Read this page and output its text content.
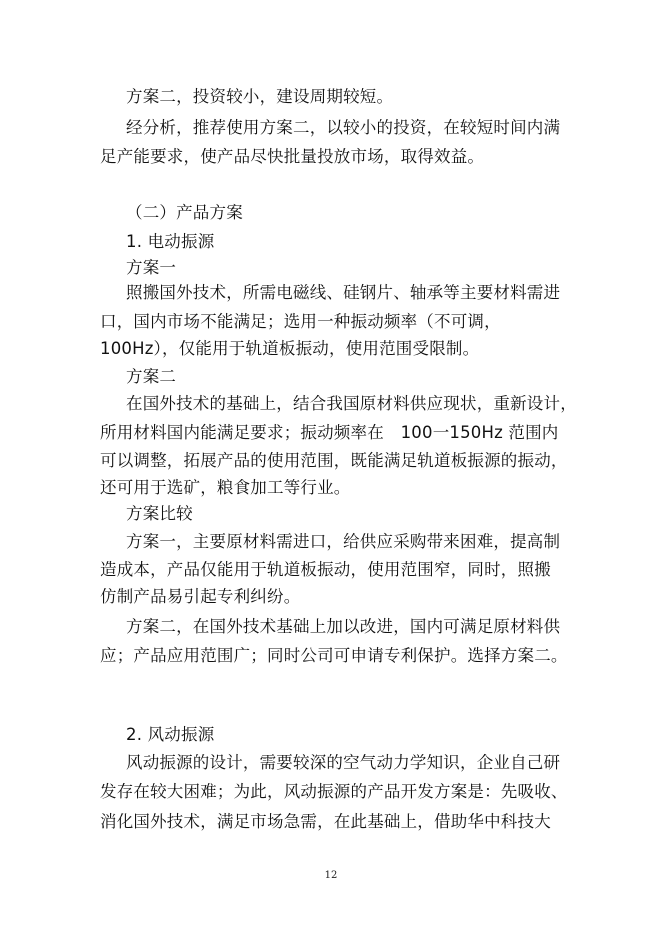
方案二，投资较小，建设周期较短。
经分析，推荐使用方案二，以较小的投资，在较短时间内满
足产能要求，使产品尽快批量投放市场，取得效益。
（二）产品方案
1. 电动振源
方案一
照搬国外技术，所需电磁线、硅钢片、轴承等主要材料需进
口，国内市场不能满足；选用一种振动频率（不可调，
100Hz），仅能用于轨道板振动，使用范围受限制。
方案二
在国外技术的基础上，结合我国原材料供应现状，重新设计，
所用材料国内能满足要求；振动频率在　100一150Hz 范围内
可以调整，拓展产品的使用范围，既能满足轨道板振源的振动，
还可用于选矿，粮食加工等行业。
方案比较
方案一，主要原材料需进口，给供应采购带来困难，提高制
造成本，产品仅能用于轨道板振动，使用范围窄，同时，照搬
仿制产品易引起专利纠纷。
方案二，在国外技术基础上加以改进，国内可满足原材料供
应；产品应用范围广；同时公司可申请专利保护。选择方案二。
2. 风动振源
风动振源的设计，需要较深的空气动力学知识，企业自己研
发存在较大困难；为此，风动振源的产品开发方案是：先吸收、
消化国外技术，满足市场急需，在此基础上，借助华中科技大
12
